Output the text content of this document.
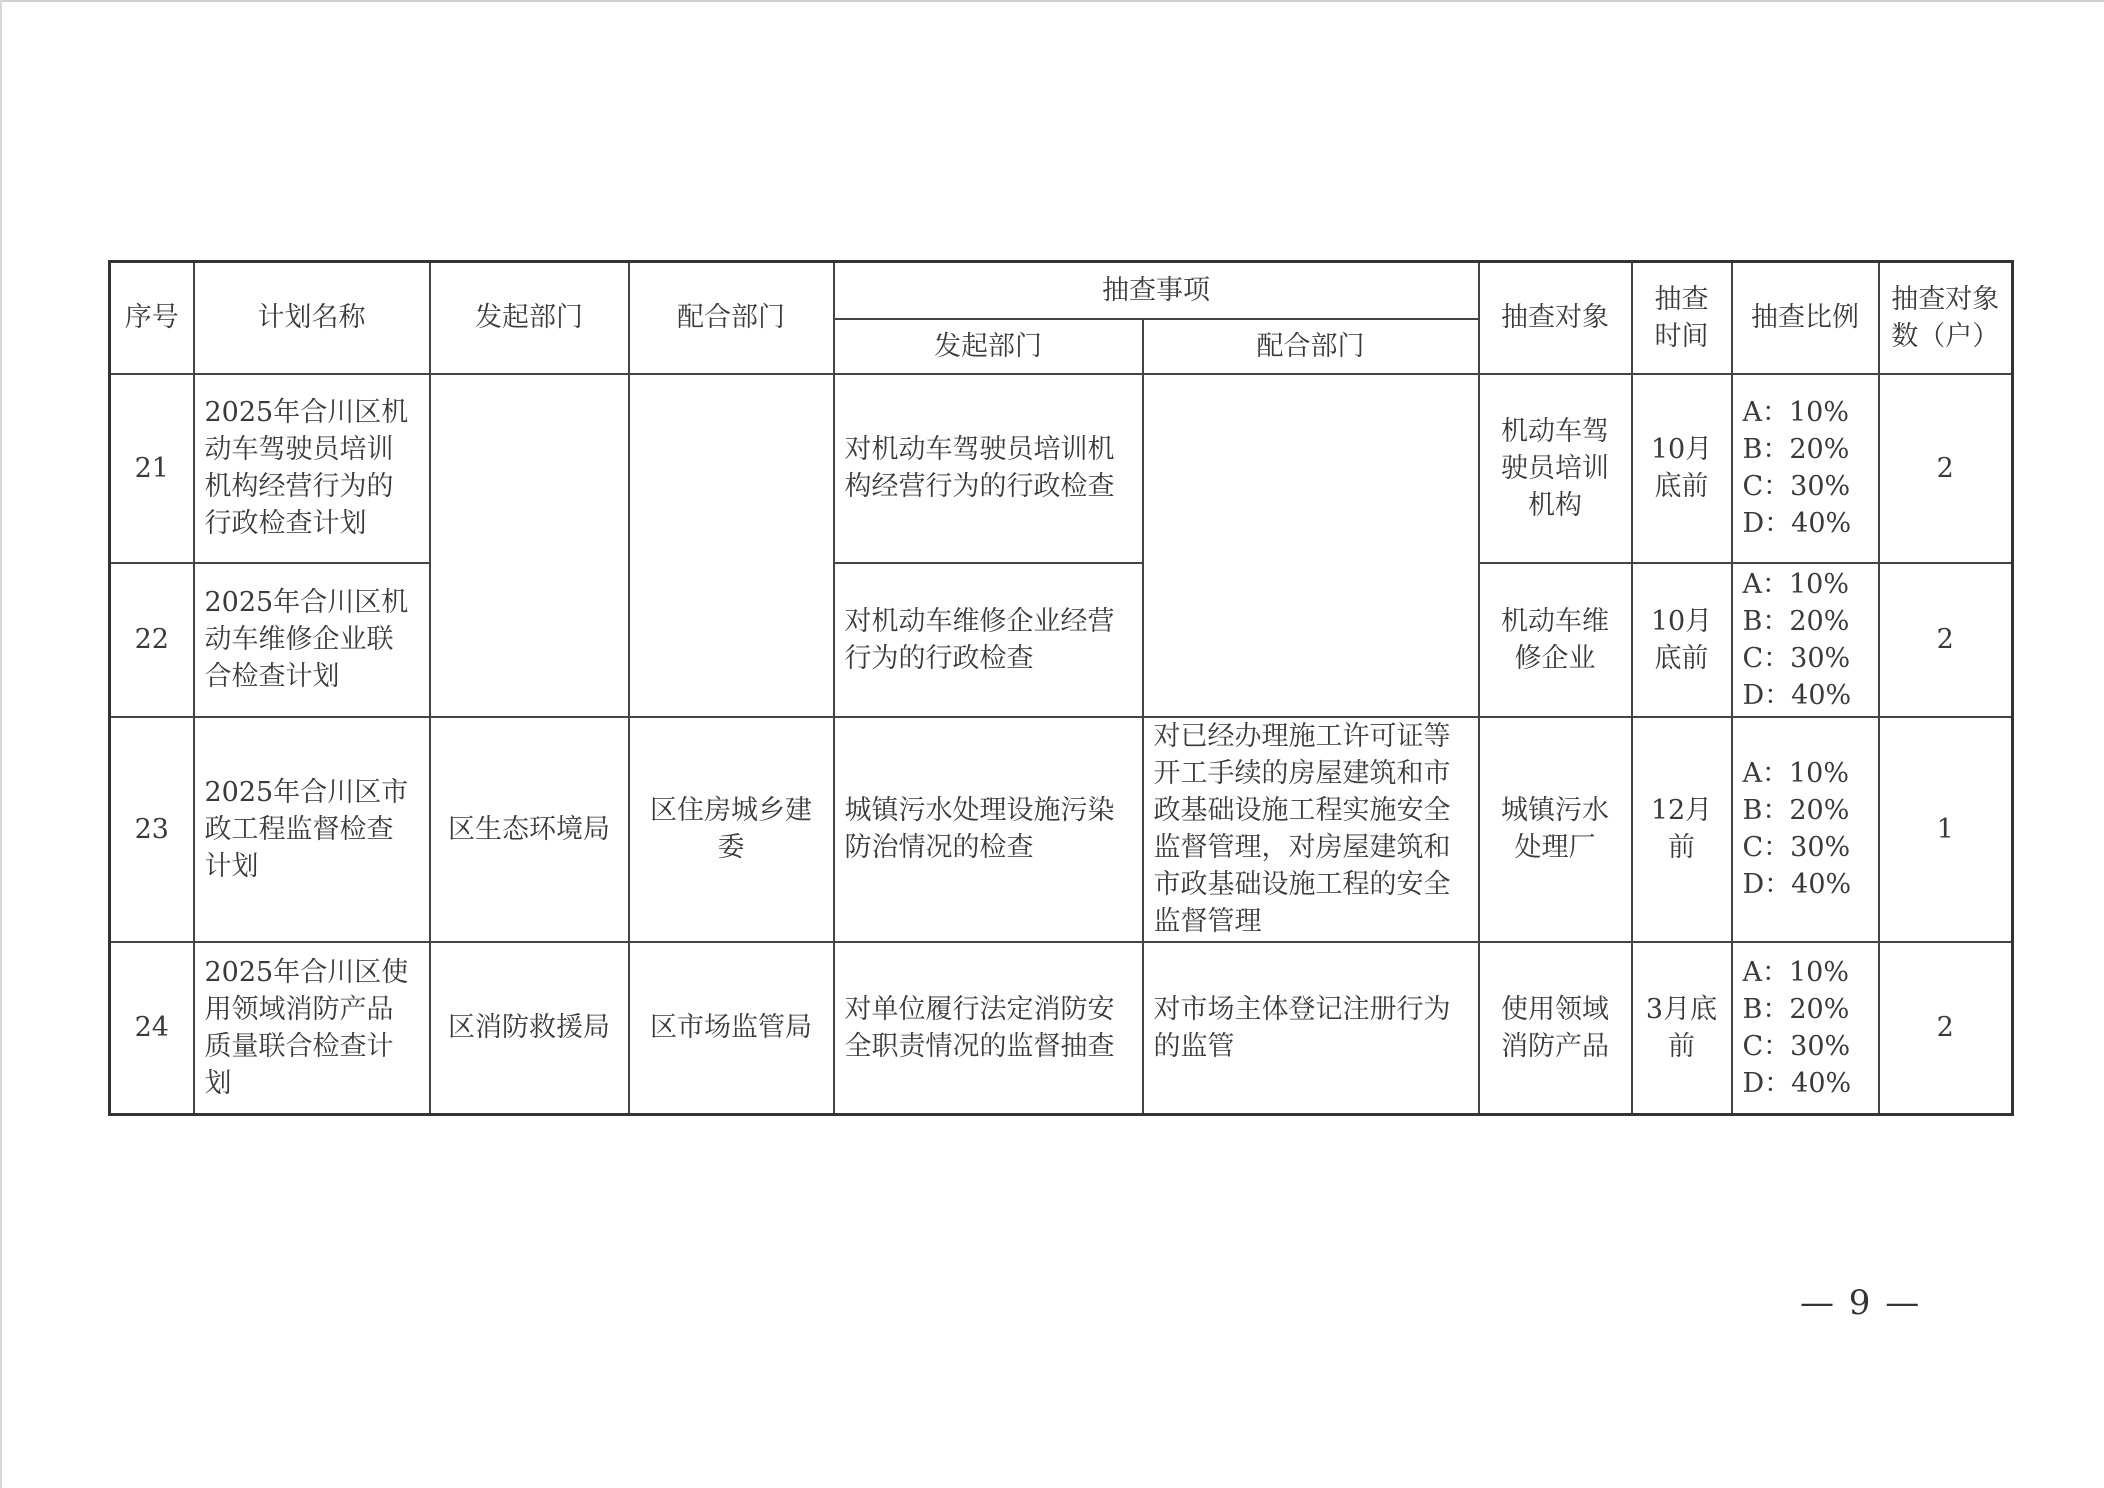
序号	计划名称	发起部门	配合部门	抽查事项		抽查对象	抽查时间	抽查比例	抽查对象数（户）
				发起部门	配合部门				
21	2025年合川区机动车驾驶员培训机构经营行为的行政检查计划			对机动车驾驶员培训机构经营行为的行政检查		机动车驾驶员培训机构	10月底前	A：10%
B：20%
C：30%
D：40%	2
22	2025年合川区机动车维修企业联合检查计划			对机动车维修企业经营行为的行政检查		机动车维修企业	10月底前	A：10%
B：20%
C：30%
D：40%	2
23	2025年合川区市政工程监督检查计划	区生态环境局	区住房城乡建委	城镇污水处理设施污染防治情况的检查	对已经办理施工许可证等开工手续的房屋建筑和市政基础设施工程实施安全监督管理，对房屋建筑和市政基础设施工程的安全监督管理	城镇污水处理厂	12月前	A：10%
B：20%
C：30%
D：40%	1
24	2025年合川区使用领域消防产品质量联合检查计划	区消防救援局	区市场监管局	对单位履行法定消防安全职责情况的监督抽查	对市场主体登记注册行为的监管	使用领域消防产品	3月底前	A：10%
B：20%
C：30%
D：40%	2
— 9 —
